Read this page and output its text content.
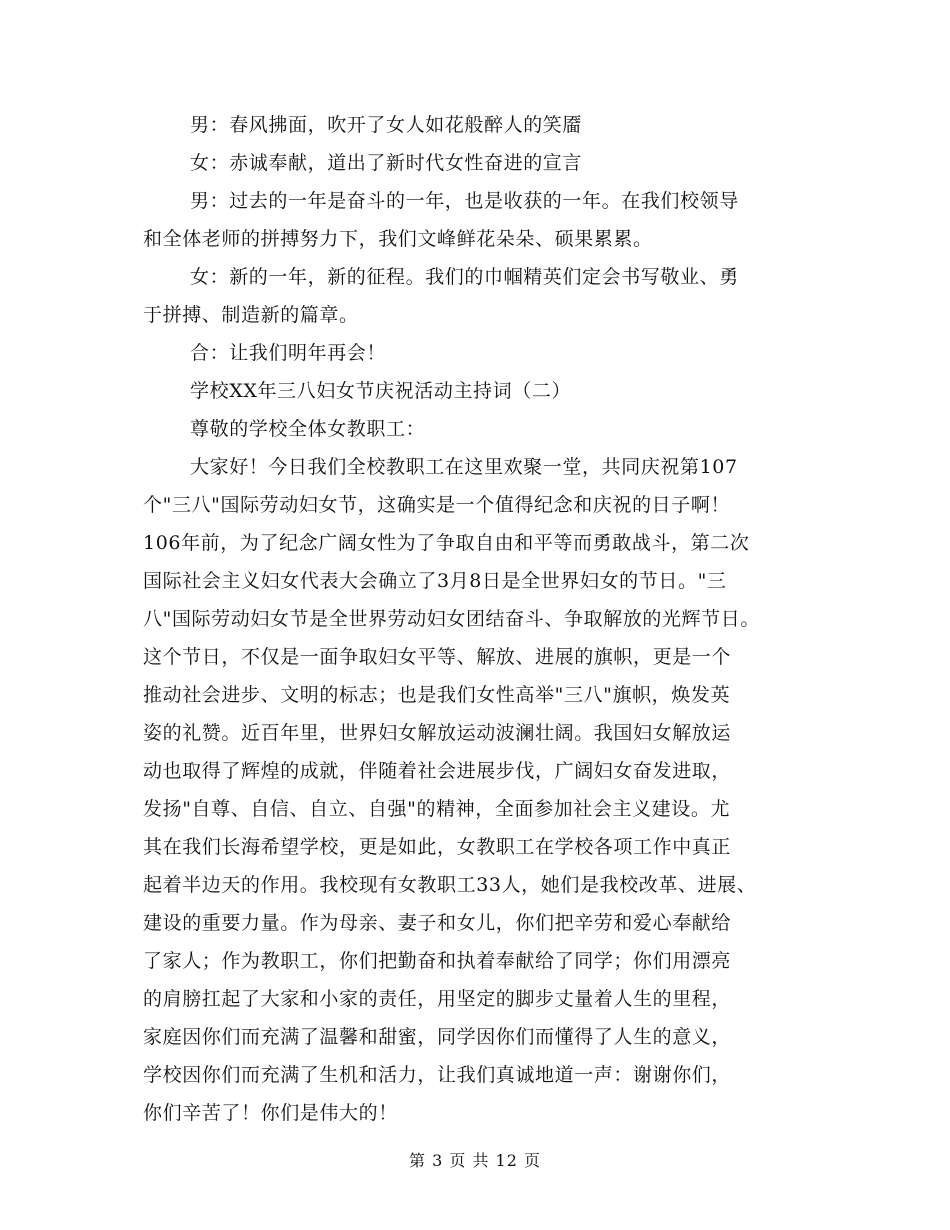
男：春风拂面，吹开了女人如花般醉人的笑靥
女：赤诚奉献，道出了新时代女性奋进的宣言
男：过去的一年是奋斗的一年，也是收获的一年。在我们校领导
和全体老师的拼搏努力下，我们文峰鲜花朵朵、硕果累累。
女：新的一年，新的征程。我们的巾帼精英们定会书写敬业、勇
于拼搏、制造新的篇章。
合：让我们明年再会！
学校XX年三八妇女节庆祝活动主持词（二）
尊敬的学校全体女教职工：
大家好！今日我们全校教职工在这里欢聚一堂，共同庆祝第107
个"三八"国际劳动妇女节，这确实是一个值得纪念和庆祝的日子啊！
106年前，为了纪念广阔女性为了争取自由和平等而勇敢战斗，第二次
国际社会主义妇女代表大会确立了3月8日是全世界妇女的节日。"三
八"国际劳动妇女节是全世界劳动妇女团结奋斗、争取解放的光辉节日。
这个节日，不仅是一面争取妇女平等、解放、进展的旗帜，更是一个
推动社会进步、文明的标志；也是我们女性高举"三八"旗帜，焕发英
姿的礼赞。近百年里，世界妇女解放运动波澜壮阔。我国妇女解放运
动也取得了辉煌的成就，伴随着社会进展步伐，广阔妇女奋发进取，
发扬"自尊、自信、自立、自强"的精神，全面参加社会主义建设。尤
其在我们长海希望学校，更是如此，女教职工在学校各项工作中真正
起着半边天的作用。我校现有女教职工33人，她们是我校改革、进展、
建设的重要力量。作为母亲、妻子和女儿，你们把辛劳和爱心奉献给
了家人；作为教职工，你们把勤奋和执着奉献给了同学；你们用漂亮
的肩膀扛起了大家和小家的责任，用坚定的脚步丈量着人生的里程，
家庭因你们而充满了温馨和甜蜜，同学因你们而懂得了人生的意义，
学校因你们而充满了生机和活力，让我们真诚地道一声：谢谢你们，
你们辛苦了！你们是伟大的！
第 3 页 共 12 页
